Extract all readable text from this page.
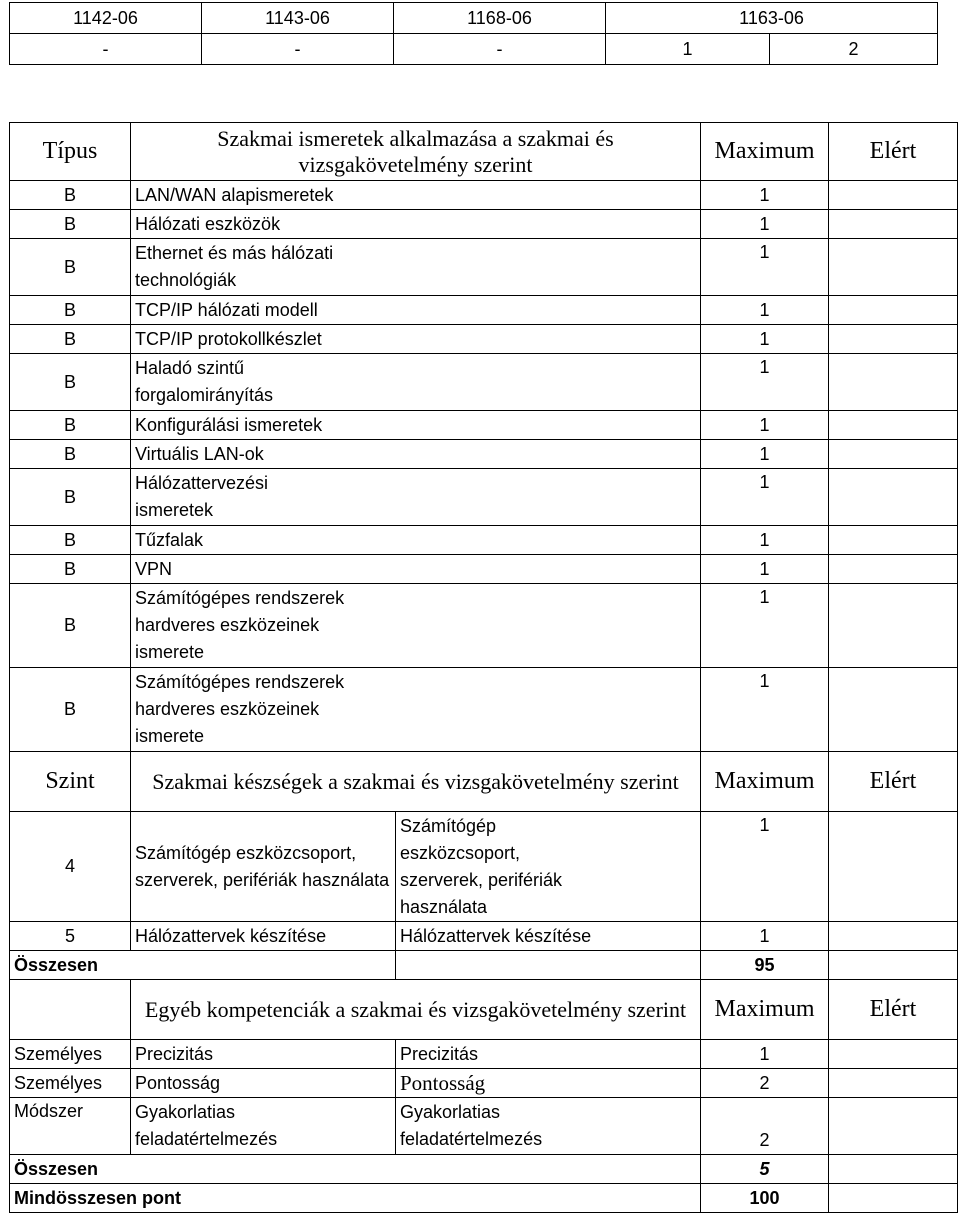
1142-06	1143-06	1168-06	1163-06	
-	-	-	1	2
Típus	Szakmai ismeretek alkalmazása a szakmai és vizsgakövetelmény szerint		Maximum	Elért
B	LAN/WAN alapismeretek		1	
B	Hálózati eszközök		1	
B	Ethernet és más hálózati technológiák		1	
B	TCP/IP hálózati modell		1	
B	TCP/IP protokollkészlet		1	
B	Haladó szintű forgalomirányítás		1	
B	Konfigurálási ismeretek		1	
B	Virtuális LAN-ok		1	
B	Hálózattervezési ismeretek		1	
B	Tűzfalak		1	
B	VPN		1	
B	Számítógépes rendszerek hardveres eszközeinek ismerete		1	
B	Számítógépes rendszerek hardveres eszközeinek ismerete		1	
Szint	Szakmai készségek a szakmai és vizsgakövetelmény szerint		Maximum	Elért
4	Számítógép eszközcsoport, szerverek, perifériák használata	Számítógép eszközcsoport, szerverek, perifériák használata	1	
5	Hálózattervek készítése	Hálózattervek készítése	1	
Összesen			95	
	Egyéb kompetenciák a szakmai és vizsgakövetelmény szerint		Maximum	Elért
Személyes	Precizitás	Precizitás	1	
Személyes	Pontosság	Pontosság	2	
Módszer	Gyakorlatias feladatértelmezés	Gyakorlatias feladatértelmezés	2	
Összesen			5	
Mindösszesen pont			100	
